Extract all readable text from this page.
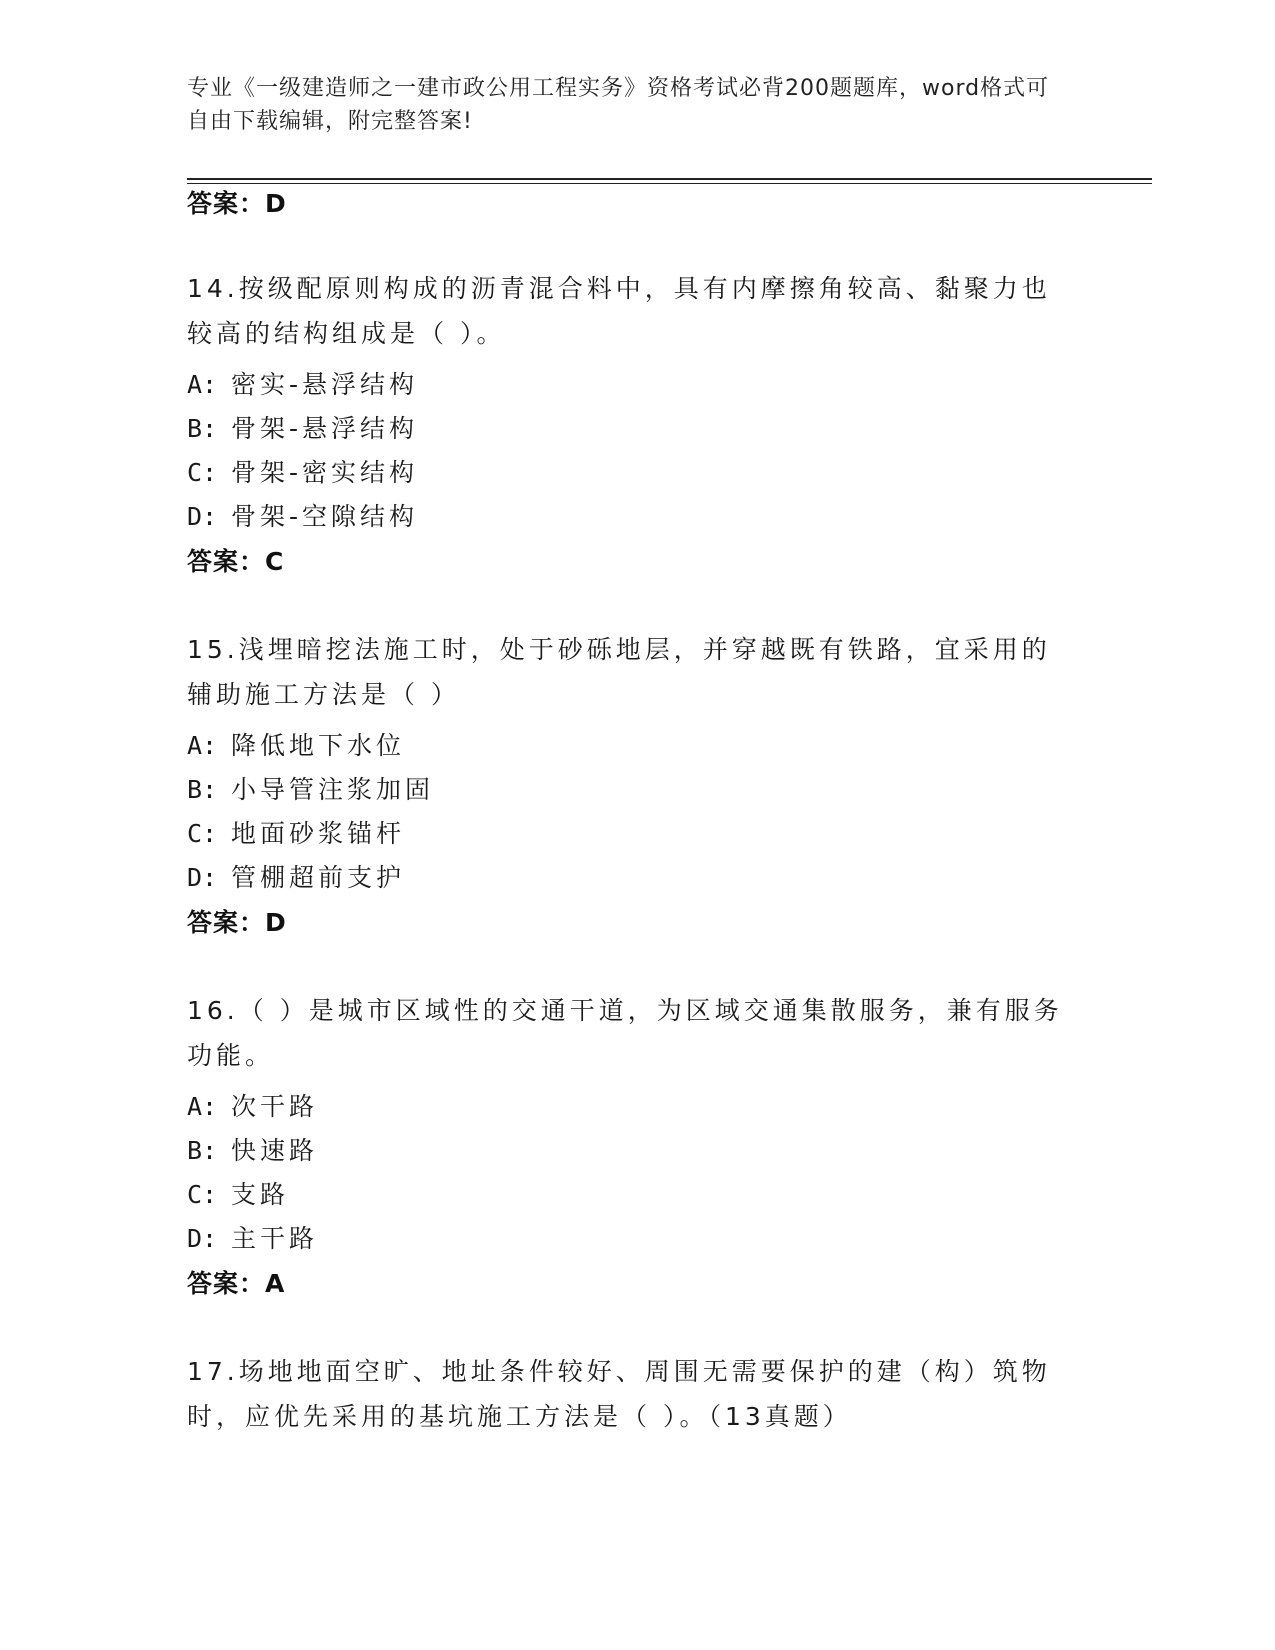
专业《一级建造师之一建市政公用工程实务》资格考试必背200题题库，word格式可自由下载编辑，附完整答案!
答案：D
14.按级配原则构成的沥青混合料中，具有内摩擦角较高、黏聚力也较高的结构组成是（ ）。
A: 密实-悬浮结构
B: 骨架-悬浮结构
C: 骨架-密实结构
D: 骨架-空隙结构
答案：C
15.浅埋暗挖法施工时，处于砂砾地层，并穿越既有铁路，宜采用的辅助施工方法是（ ）
A: 降低地下水位
B: 小导管注浆加固
C: 地面砂浆锚杆
D: 管棚超前支护
答案：D
16.（ ）是城市区域性的交通干道，为区域交通集散服务，兼有服务功能。
A: 次干路
B: 快速路
C: 支路
D: 主干路
答案：A
17.场地地面空旷、地址条件较好、周围无需要保护的建（构）筑物时，应优先采用的基坑施工方法是（ ）。（13真题）
